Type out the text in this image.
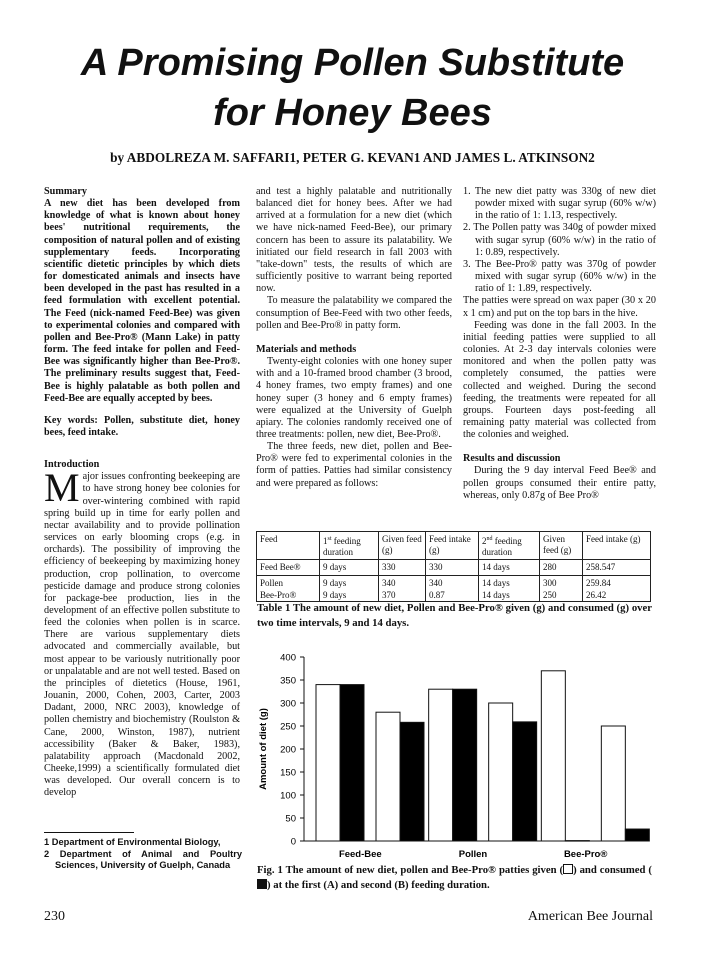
A Promising Pollen Substitute
for Honey Bees
by ABDOLREZA M. SAFFARI1, PETER G. KEVAN1 AND JAMES L. ATKINSON2
Summary

A new diet has been developed from knowledge of what is known about honey bees' nutritional requirements, the composition of natural pollen and of existing supplementary feeds. Incorporating scientific dietetic principles by which diets for domesticated animals and insects have been developed in the past has resulted in a feed formulation with excellent potential. The Feed (nick-named Feed-Bee) was given to experimental colonies and compared with pollen and Bee-Pro® (Mann Lake) in patty form. The feed intake for pollen and Feed-Bee was significantly higher than Bee-Pro®. The preliminary results suggest that, Feed-Bee is highly palatable as both pollen and Feed-Bee are equally accepted by bees.

Key words: Pollen, substitute diet, honey bees, feed intake.

Introduction

Major issues confronting beekeeping are to have strong honey bee colonies for over-wintering combined with rapid spring build up in time for early pollen and nectar availability and to provide pollination services on early blooming crops (e.g. in orchards). The possibility of improving the efficiency of beekeeping by maximizing honey production, crop pollination, to overcome pesticide damage and produce strong colonies for package-bee production, lies in the development of an effective pollen substitute to feed the colonies when pollen is in scarce. There are various supplementary diets advocated and commercially available, but most appear to be variously nutritionally poor or unpalatable and are not well tested. Based on the principles of dietetics (House, 1961, Jouanin, 2000, Cohen, 2003, Carter, 2003 Dadant, 2000, NRC 2003), knowledge of pollen chemistry and biochemistry (Roulston & Cane, 2000, Winston, 1987), nutrient accessibility (Baker & Baker, 1983), palatability approach (Macdonald 2002, Cheeke,1999) a scientifically formulated diet was developed. Our overall concern is to develop

1 Department of Environmental Biology,
2 Department of Animal and Poultry Sciences, University of Guelph, Canada

and test a highly palatable and nutritionally balanced diet for honey bees. After we had arrived at a formulation for a new diet (which we have nick-named Feed-Bee), our primary concern has been to assure its palatability. We initiated our field research in fall 2003 with "take-down" tests, the results of which are sufficiently positive to warrant being reported now.

To measure the palatability we compared the consumption of Bee-Feed with two other feeds, pollen and Bee-Pro® in patty form.

Materials and methods

Twenty-eight colonies with one honey super with and a 10-framed brood chamber (3 brood, 4 honey frames, two empty frames) and one honey super (3 honey and 6 empty frames) were equalized at the University of Guelph apiary. The colonies randomly received one of three treatments: pollen, new diet, Bee-Pro®.

The three feeds, new diet, pollen and Bee-Pro® were fed to experimental colonies in the form of patties. Patties had similar consistency and were prepared as follows:

1. The new diet patty was 330g of new diet powder mixed with sugar syrup (60% w/w) in the ratio of 1: 1.13, respectively.

2. The Pollen patty was 340g of powder mixed with sugar syrup (60% w/w) in the ratio of 1: 0.89, respectively.

3. The Bee-Pro® patty was 370g of powder mixed with sugar syrup (60% w/w) in the ratio of 1: 1.89, respectively.

The patties were spread on wax paper (30 x 20 x 1 cm) and put on the top bars in the hive.

Feeding was done in the fall 2003. In the initial feeding patties were supplied to all colonies. At 2-3 day intervals colonies were monitored and when the pollen patty was completely consumed, the patties were collected and weighed. During the second feeding, the treatments were repeated for all groups. Fourteen days post-feeding all remaining patty material was collected from the colonies and weighed.

Results and discussion

During the 9 day interval Feed Bee® and pollen groups consumed their entire patty, whereas, only 0.87g of Bee Pro®

Feed	1st feeding duration	Given feed (g)	Feed intake (g)	2nd feeding duration	Given feed (g)	Feed intake (g)
Feed Bee®	9 days	330	330	14 days	280	258.547
Pollen	9 days	340	340	14 days	300	259.84
Bee-Pro®	9 days	370	0.87	14 days	250	26.42
Table 1 The amount of new diet, Pollen and Bee-Pro® given (g) and consumed (g) over two time intervals, 9 and 14 days.
0
50
100
150
200
250
300
350
400
Amount of diet (g)
Feed-Bee	Pollen	Bee-Pro®
Fig. 1 The amount of new diet, pollen and Bee-Pro® patties given ( ) and consumed () at the first (A) and second (B) feeding duration.
230	American Bee Journal
